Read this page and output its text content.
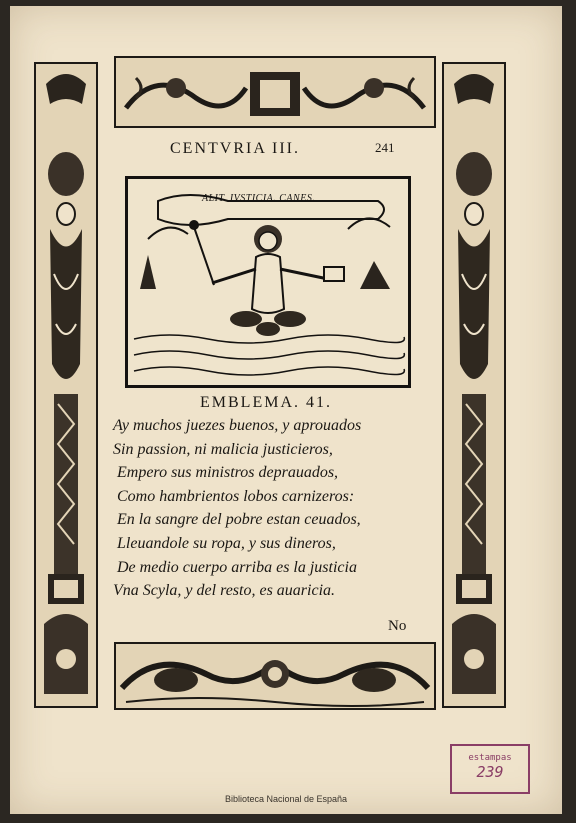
CENTVRIA III.	241
ALIT. IVSTICIA. CANES.
EMBLEMA. 41.
Ay muchos juezes buenos, y aprouados
Sin passion, ni malicia justicieros,
Empero sus ministros deprauados,
Como hambrientos lobos carnizeros:
En la sangre del pobre estan ceuados,
Lleuandole su ropa, y sus dineros,
De medio cuerpo arriba es la justicia
Vna Scyla, y del resto, es auaricia.
No
estampas
239
Biblioteca Nacional de España
